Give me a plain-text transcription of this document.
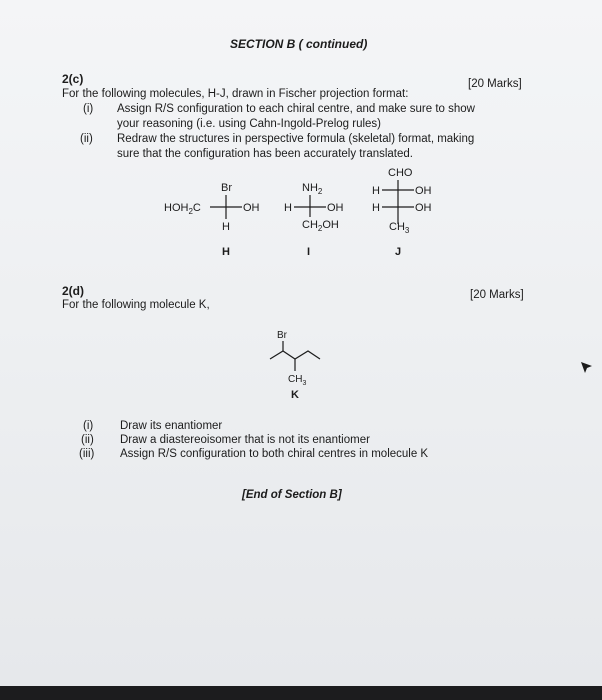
SECTION B ( continued)
2(c)	[20 Marks]
For the following molecules, H-J, drawn in Fischer projection format:
(i) Assign R/S configuration to each chiral centre, and make sure to show
your reasoning (i.e. using Cahn-Ingold-Prelog rules)
(ii) Redraw the structures in perspective formula (skeletal) format, making
sure that the configuration has been accurately translated.
Br
$HOH_2C$	OH
H
H
$NH_2$
H	OH
$CH_2OH$
I
CHO
H	OH
H	OH
$CH_3$
J
2(d)	[20 Marks]
For the following molecule K,
Br
$CH_3$
K
(i) Draw its enantiomer
(ii) Draw a diastereoisomer that is not its enantiomer
(iii) Assign R/S configuration to both chiral centres in molecule K
[End of Section B]
